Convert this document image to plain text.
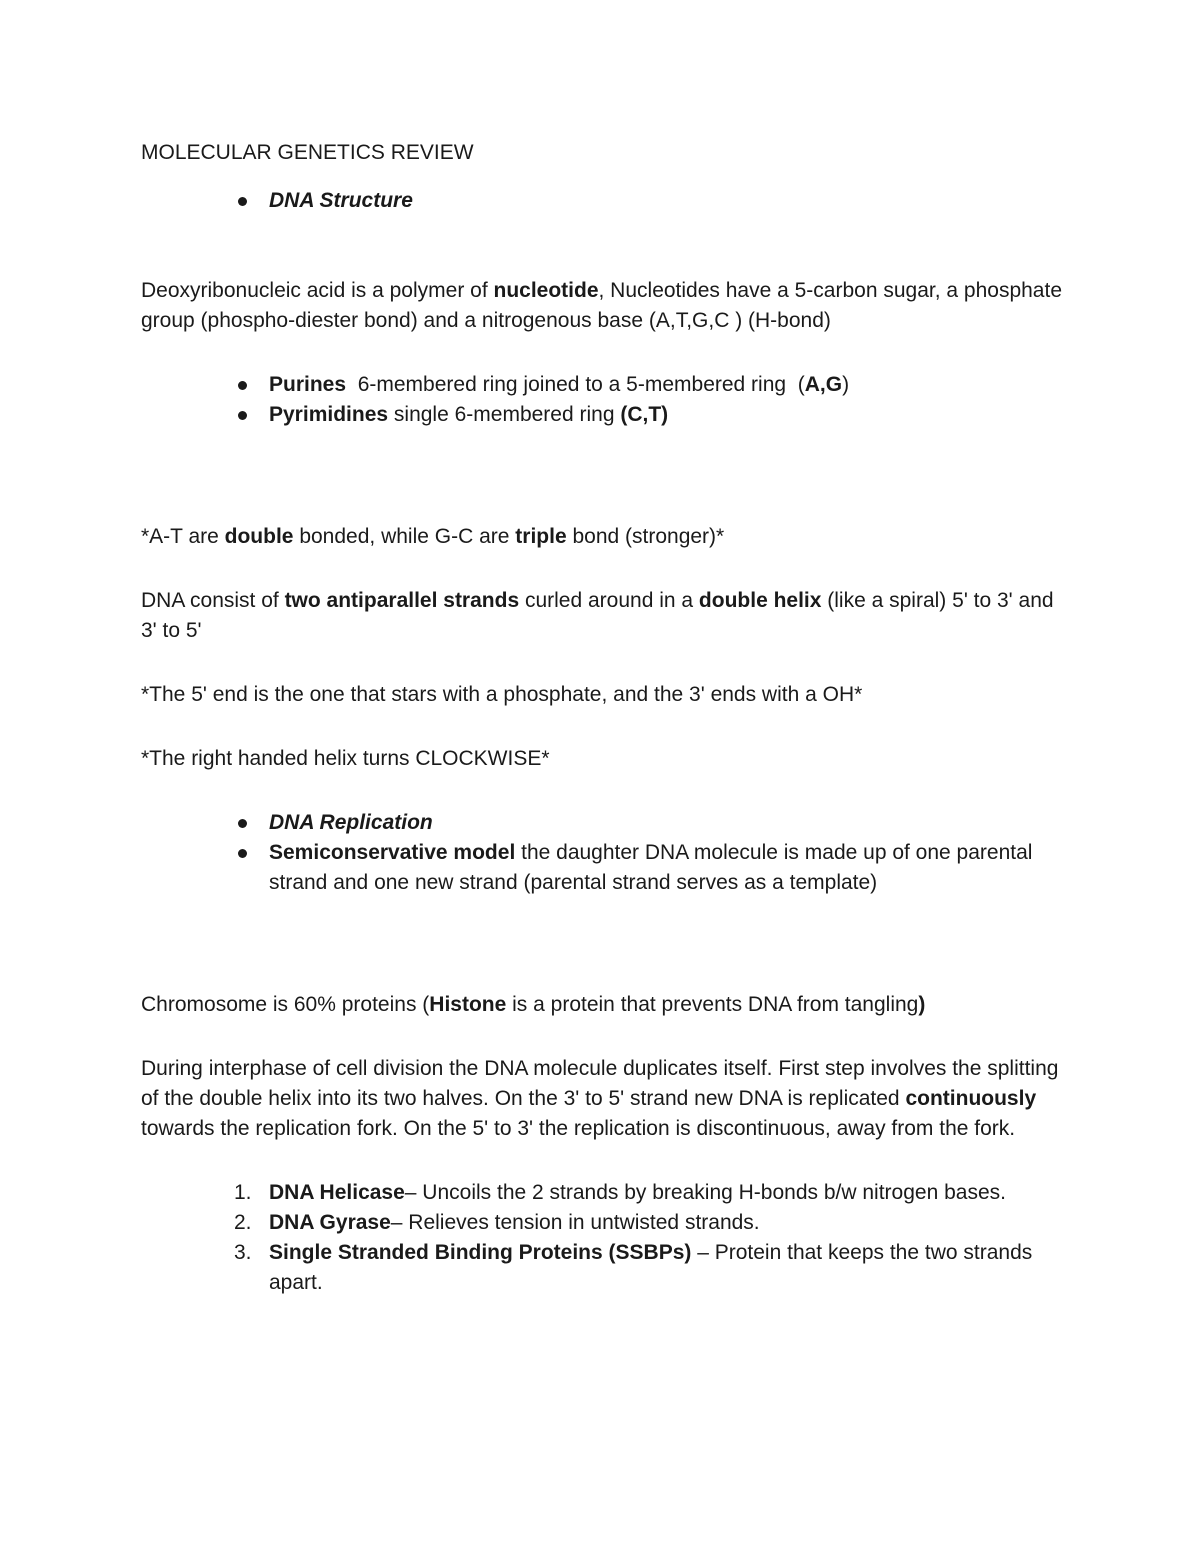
MOLECULAR GENETICS REVIEW

DNA Structure

Deoxyribonucleic acid is a polymer of nucleotide, Nucleotides have a 5-carbon sugar, a phosphate group (phospho-diester bond) and a nitrogenous base (A,T,G,C ) (H-bond)

Purines  6-membered ring joined to a 5-membered ring  (A,G)
Pyrimidines single 6-membered ring (C,T)

*A-T are double bonded, while G-C are triple bond (stronger)*

DNA consist of two antiparallel strands curled around in a double helix (like a spiral) 5' to 3' and 3' to 5'

*The 5' end is the one that stars with a phosphate, and the 3' ends with a OH*

*The right handed helix turns CLOCKWISE*

DNA Replication
Semiconservative model the daughter DNA molecule is made up of one parental strand and one new strand (parental strand serves as a template)

Chromosome is 60% proteins (Histone is a protein that prevents DNA from tangling)

During interphase of cell division the DNA molecule duplicates itself. First step involves the splitting of the double helix into its two halves. On the 3' to 5' strand new DNA is replicated continuously towards the replication fork. On the 5' to 3' the replication is discontinuous, away from the fork.

1. DNA Helicase– Uncoils the 2 strands by breaking H-bonds b/w nitrogen bases.
2. DNA Gyrase– Relieves tension in untwisted strands.
3. Single Stranded Binding Proteins (SSBPs) – Protein that keeps the two strands apart.
